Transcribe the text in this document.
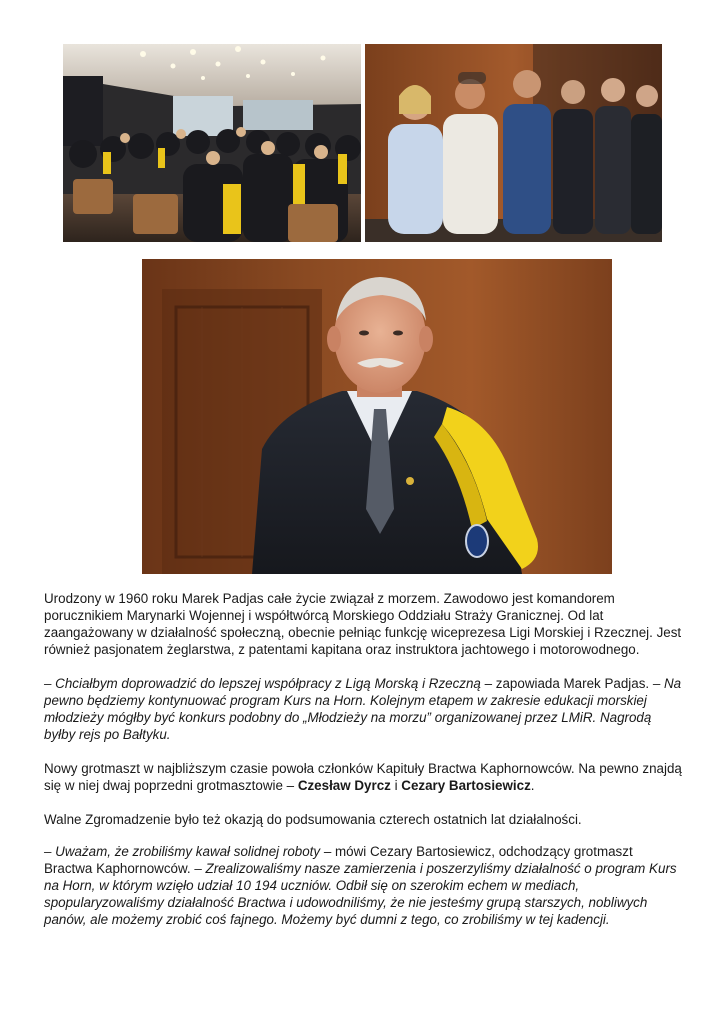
Urodzony w 1960 roku Marek Padjas całe życie związał z morzem. Zawodowo jest komandorem porucznikiem Marynarki Wojennej i współtwórcą Morskiego Oddziału Straży Granicznej. Od lat zaangażowany w działalność społeczną, obecnie pełniąc funkcję wiceprezesa Ligi Morskiej i Rzecznej. Jest również pasjonatem żeglarstwa, z patentami kapitana oraz instruktora jachtowego i motorowodnego.

– Chciałbym doprowadzić do lepszej współpracy z Ligą Morską i Rzeczną – zapowiada Marek Padjas. – Na pewno będziemy kontynuować program Kurs na Horn. Kolejnym etapem w zakresie edukacji morskiej młodzieży mógłby być konkurs podobny do „Młodzieży na morzu” organizowanej przez LMiR. Nagrodą byłby rejs po Bałtyku.

Nowy grotmaszt w najbliższym czasie powoła członków Kapituły Bractwa Kaphornowców. Na pewno znajdą się w niej dwaj poprzedni grotmasztowie – Czesław Dyrcz i Cezary Bartosiewicz.

Walne Zgromadzenie było też okazją do podsumowania czterech ostatnich lat działalności.

– Uważam, że zrobiliśmy kawał solidnej roboty – mówi Cezary Bartosiewicz, odchodzący grotmaszt Bractwa Kaphornowców. – Zrealizowaliśmy nasze zamierzenia i poszerzyliśmy działalność o program Kurs na Horn, w którym wzięło udział 10 194 uczniów. Odbił się on szerokim echem w mediach, spopularyzowaliśmy działalność Bractwa i udowodniliśmy, że nie jesteśmy grupą starszych, nobliwych panów, ale możemy zrobić coś fajnego. Możemy być dumni z tego, co zrobiliśmy w tej kadencji.
